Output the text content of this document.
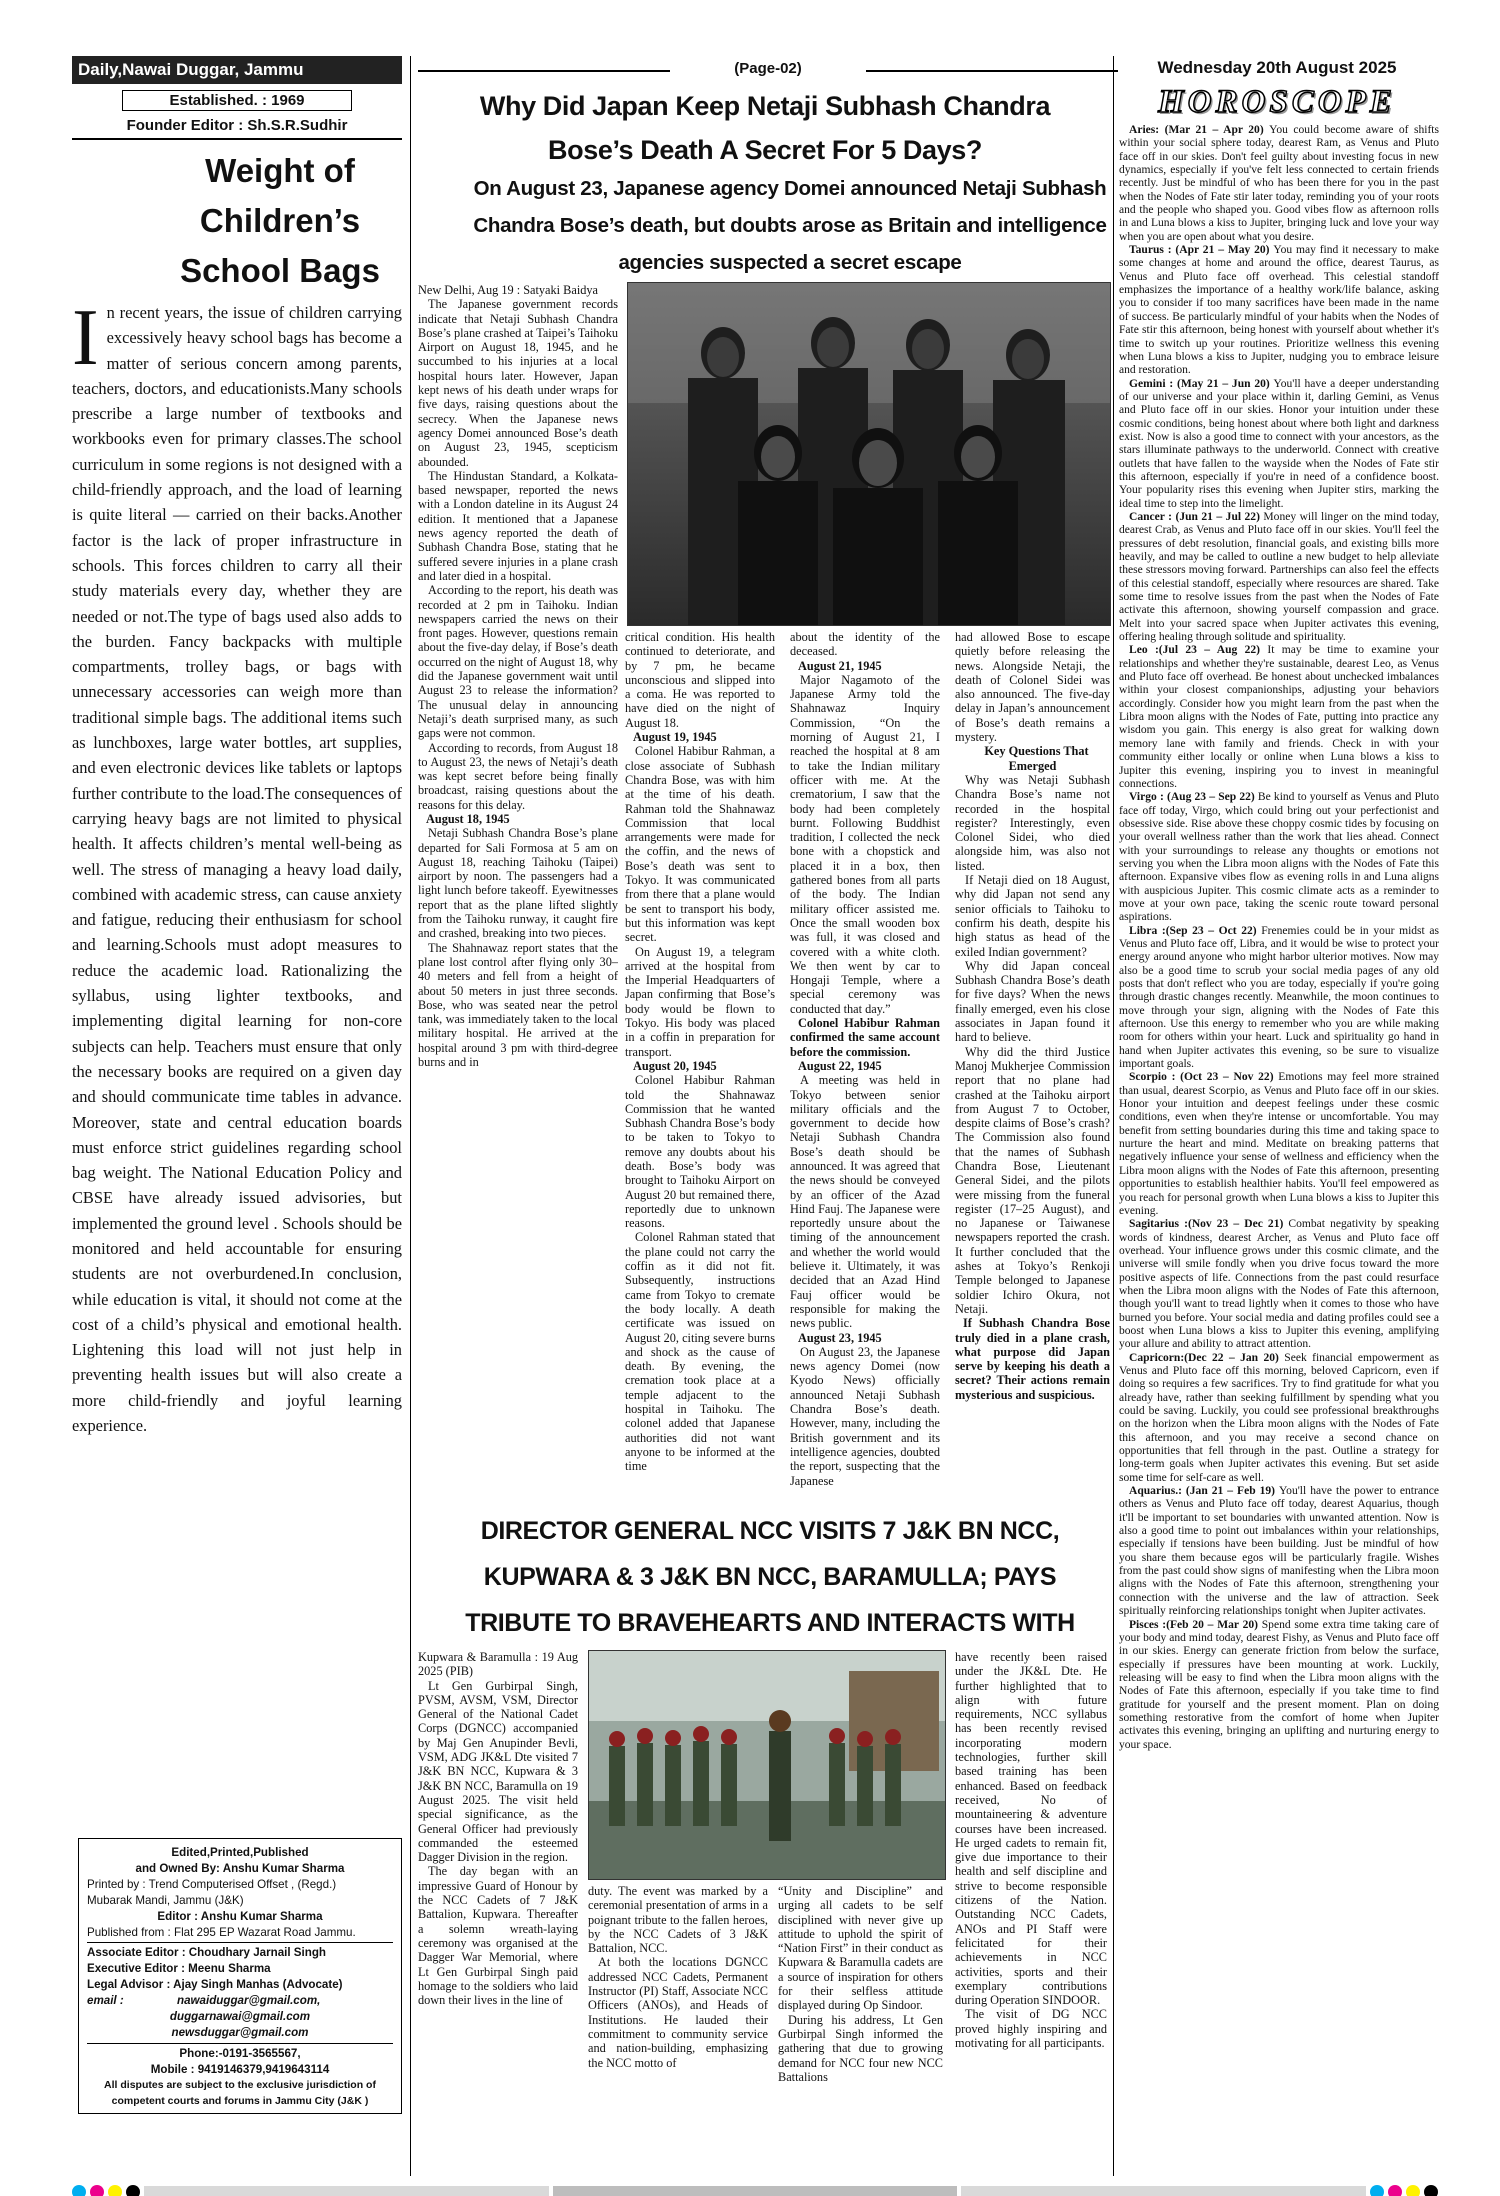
Daily,Nawai Duggar, Jammu
Established. : 1969
Founder Editor : Sh.S.R.Sudhir
Weight of Children’s School Bags
In recent years, the issue of children carrying excessively heavy school bags has become a matter of serious concern among parents, teachers, doctors, and educationists.Many schools prescribe a large number of textbooks and workbooks even for primary classes.The school curriculum in some regions is not designed with a child-friendly approach, and the load of learning is quite literal — carried on their backs.Another factor is the lack of proper infrastructure in schools. This forces children to carry all their study materials every day, whether they are needed or not.The type of bags used also adds to the burden. Fancy backpacks with multiple compartments, trolley bags, or bags with unnecessary accessories can weigh more than traditional simple bags. The additional items such as lunchboxes, large water bottles, art supplies, and even electronic devices like tablets or laptops further contribute to the load.The consequences of carrying heavy bags are not limited to physical health. It affects children’s mental well-being as well. The stress of managing a heavy load daily, combined with academic stress, can cause anxiety and fatigue, reducing their enthusiasm for school and learning.Schools must adopt measures to reduce the academic load. Rationalizing the syllabus, using lighter textbooks, and implementing digital learning for non-core subjects can help. Teachers must ensure that only the necessary books are required on a given day and should communicate time tables in advance. Moreover, state and central education boards must enforce strict guidelines regarding school bag weight. The National Education Policy and CBSE have already issued advisories, but implemented the ground level . Schools should be monitored and held accountable for ensuring students are not overburdened.In conclusion, while education is vital, it should not come at the cost of a child’s physical and emotional health. Lightening this load will not just help in preventing health issues but will also create a more child-friendly and joyful learning experience.
Edited,Printed,Published
and Owned By: Anshu Kumar Sharma
Printed by : Trend Computerised Offset , (Regd.)
Mubarak Mandi, Jammu (J&K)
Editor : Anshu Kumar Sharma
Published from : Flat 295 EP Wazarat Road Jammu.
Associate Editor : Choudhary Jarnail Singh
Executive Editor : Meenu Sharma
Legal Advisor : Ajay Singh Manhas (Advocate)
email :	nawaiduggar@gmail.com,
duggarnawai@gmail.com
newsduggar@gmail.com
Phone:-0191-3565567,
Mobile : 9419146379,9419643114
All disputes are subject to the exclusive jurisdiction of
competent courts and forums in Jammu City (J&K )
(Page-02)
Why Did Japan Keep Netaji Subhash Chandra Bose’s Death A Secret For 5 Days?
On August 23, Japanese agency Domei announced Netaji Subhash Chandra Bose’s death, but doubts arose as Britain and intelligence agencies suspected a secret escape

New Delhi, Aug 19 : Satyaki Baidya

The Japanese government records indicate that Netaji Subhash Chandra Bose’s plane crashed at Taipei’s Taihoku Airport on August 18, 1945, and he succumbed to his injuries at a local hospital hours later. However, Japan kept news of his death under wraps for five days, raising questions about the secrecy. When the Japanese news agency Domei announced Bose’s death on August 23, 1945, scepticism abounded.

The Hindustan Standard, a Kolkata-based newspaper, reported the news with a London dateline in its August 24 edition. It mentioned that a Japanese news agency reported the death of Subhash Chandra Bose, stating that he suffered severe injuries in a plane crash and later died in a hospital.

According to the report, his death was recorded at 2 pm in Taihoku. Indian newspapers carried the news on their front pages. However, questions remain about the five-day delay, if Bose’s death occurred on the night of August 18, why did the Japanese government wait until August 23 to release the information? The unusual delay in announcing Netaji’s death surprised many, as such gaps were not common.

According to records, from August 18 to August 23, the news of Netaji’s death was kept secret before being finally broadcast, raising questions about the reasons for this delay.

August 18, 1945

Netaji Subhash Chandra Bose’s plane departed for Sali Formosa at 5 am on August 18, reaching Taihoku (Taipei) airport by noon. The passengers had a light lunch before takeoff. Eyewitnesses report that as the plane lifted slightly from the Taihoku runway, it caught fire and crashed, breaking into two pieces.

The Shahnawaz report states that the plane lost control after flying only 30–40 meters and fell from a height of about 50 meters in just three seconds. Bose, who was seated near the petrol tank, was immediately taken to the local military hospital. He arrived at the hospital around 3 pm with third-degree burns and in

critical condition. His health continued to deteriorate, and by 7 pm, he became unconscious and slipped into a coma. He was reported to have died on the night of August 18.

August 19, 1945

Colonel Habibur Rahman, a close associate of Subhash Chandra Bose, was with him at the time of his death. Rahman told the Shahnawaz Commission that local arrangements were made for the coffin, and the news of Bose’s death was sent to Tokyo. It was communicated from there that a plane would be sent to transport his body, but this information was kept secret.

On August 19, a telegram arrived at the hospital from the Imperial Headquarters of Japan confirming that Bose’s body would be flown to Tokyo. His body was placed in a coffin in preparation for transport.

August 20, 1945

Colonel Habibur Rahman told the Shahnawaz Commission that he wanted Subhash Chandra Bose’s body to be taken to Tokyo to remove any doubts about his death. Bose’s body was brought to Taihoku Airport on August 20 but remained there, reportedly due to unknown reasons.

Colonel Rahman stated that the plane could not carry the coffin as it did not fit. Subsequently, instructions came from Tokyo to cremate the body locally. A death certificate was issued on August 20, citing severe burns and shock as the cause of death. By evening, the cremation took place at a temple adjacent to the hospital in Taihoku. The colonel added that Japanese authorities did not want anyone to be informed at the time

about the identity of the deceased.

August 21, 1945

Major Nagamoto of the Japanese Army told the Shahnawaz Inquiry Commission, “On the morning of August 21, I reached the hospital at 8 am to take the Indian military officer with me. At the crematorium, I saw that the body had been completely burnt. Following Buddhist tradition, I collected the neck bone with a chopstick and placed it in a box, then gathered bones from all parts of the body. The Indian military officer assisted me. Once the small wooden box was full, it was closed and covered with a white cloth. We then went by car to Hongaji Temple, where a special ceremony was conducted that day.”

Colonel Habibur Rahman confirmed the same account before the commission.

August 22, 1945

A meeting was held in Tokyo between senior military officials and the government to decide how Netaji Subhash Chandra Bose’s death should be announced. It was agreed that the news should be conveyed by an officer of the Azad Hind Fauj. The Japanese were reportedly unsure about the timing of the announcement and whether the world would believe it. Ultimately, it was decided that an Azad Hind Fauj officer would be responsible for making the news public.

August 23, 1945

On August 23, the Japanese news agency Domei (now Kyodo News) officially announced Netaji Subhash Chandra Bose’s death. However, many, including the British government and its intelligence agencies, doubted the report, suspecting that the Japanese

had allowed Bose to escape quietly before releasing the news. Alongside Netaji, the death of Colonel Sidei was also announced. The five-day delay in Japan’s announcement of Bose’s death remains a mystery.

Key Questions That Emerged

Why was Netaji Subhash Chandra Bose’s name not recorded in the hospital register? Interestingly, even Colonel Sidei, who died alongside him, was also not listed.

If Netaji died on 18 August, why did Japan not send any senior officials to Taihoku to confirm his death, despite his high status as head of the exiled Indian government?

Why did Japan conceal Subhash Chandra Bose’s death for five days? When the news finally emerged, even his close associates in Japan found it hard to believe.

Why did the third Justice Manoj Mukherjee Commission report that no plane had crashed at the Taihoku airport from August 7 to October, despite claims of Bose’s crash? The Commission also found that the names of Subhash Chandra Bose, Lieutenant General Sidei, and the pilots were missing from the funeral register (17–25 August), and no Japanese or Taiwanese newspapers reported the crash. It further concluded that the ashes at Tokyo’s Renkoji Temple belonged to Japanese soldier Ichiro Okura, not Netaji.

If Subhash Chandra Bose truly died in a plane crash, what purpose did Japan serve by keeping his death a secret? Their actions remain mysterious and suspicious.

DIRECTOR GENERAL NCC VISITS 7 J&K BN NCC, KUPWARA & 3 J&K BN NCC, BARAMULLA; PAYS TRIBUTE TO BRAVEHEARTS AND INTERACTS WITH

Kupwara & Baramulla : 19 Aug 2025 (PIB)

Lt Gen Gurbirpal Singh, PVSM, AVSM, VSM, Director General of the National Cadet Corps (DGNCC) accompanied by Maj Gen Anupinder Bevli, VSM, ADG JK&L Dte visited 7 J&K BN NCC, Kupwara & 3 J&K BN NCC, Baramulla on 19 August 2025. The visit held special significance, as the General Officer had previously commanded the esteemed Dagger Division in the region.

The day began with an impressive Guard of Honour by the NCC Cadets of 7 J&K Battalion, Kupwara. Thereafter a solemn wreath-laying ceremony was organised at the Dagger War Memorial, where Lt Gen Gurbirpal Singh paid homage to the soldiers who laid down their lives in the line of

duty. The event was marked by a ceremonial presentation of arms in a poignant tribute to the fallen heroes, by the NCC Cadets of 3 J&K Battalion, NCC.

At both the locations DGNCC addressed NCC Cadets, Permanent Instructor (PI) Staff, Associate NCC Officers (ANOs), and Heads of Institutions. He lauded their commitment to community service and nation-building, emphasizing the NCC motto of

“Unity and Discipline” and urging all cadets to be self disciplined with never give up attitude to uphold the spirit of “Nation First” in their conduct as Kupwara & Baramulla cadets are a source of inspiration for others for their selfless attitude displayed during Op Sindoor.

During his address, Lt Gen Gurbirpal Singh informed the gathering that due to growing demand for NCC four new NCC Battalions

have recently been raised under the JK&L Dte. He further highlighted that to align with future requirements, NCC syllabus has been recently revised incorporating modern technologies, further skill based training has been enhanced. Based on feedback received, No of mountaineering & adventure courses have been increased. He urged cadets to remain fit, give due importance to their health and self discipline and strive to become responsible citizens of the Nation. Outstanding NCC Cadets, ANOs and PI Staff were felicitated for their achievements in NCC activities, sports and their exemplary contributions during Operation SINDOOR.

The visit of DG NCC proved highly inspiring and motivating for all participants.

Wednesday 20th August 2025
HOROSCOPE

Aries: (Mar 21 – Apr 20) You could become aware of shifts within your social sphere today, dearest Ram, as Venus and Pluto face off in our skies. Don't feel guilty about investing focus in new dynamics, especially if you've felt less connected to certain friends recently. Just be mindful of who has been there for you in the past when the Nodes of Fate stir later today, reminding you of your roots and the people who shaped you. Good vibes flow as afternoon rolls in and Luna blows a kiss to Jupiter, bringing luck and love your way when you are open about what you desire.

Taurus : (Apr 21 – May 20) You may find it necessary to make some changes at home and around the office, dearest Taurus, as Venus and Pluto face off overhead. This celestial standoff emphasizes the importance of a healthy work/life balance, asking you to consider if too many sacrifices have been made in the name of success. Be particularly mindful of your habits when the Nodes of Fate stir this afternoon, being honest with yourself about whether it's time to switch up your routines. Prioritize wellness this evening when Luna blows a kiss to Jupiter, nudging you to embrace leisure and restoration.

Gemini : (May 21 – Jun 20) You'll have a deeper understanding of our universe and your place within it, darling Gemini, as Venus and Pluto face off in our skies. Honor your intuition under these cosmic conditions, being honest about where both light and darkness exist. Now is also a good time to connect with your ancestors, as the stars illuminate pathways to the underworld. Connect with creative outlets that have fallen to the wayside when the Nodes of Fate stir this afternoon, especially if you're in need of a confidence boost. Your popularity rises this evening when Jupiter stirs, marking the ideal time to step into the limelight.

Cancer : (Jun 21 – Jul 22) Money will linger on the mind today, dearest Crab, as Venus and Pluto face off in our skies. You'll feel the pressures of debt resolution, financial goals, and existing bills more heavily, and may be called to outline a new budget to help alleviate these stressors moving forward. Partnerships can also feel the effects of this celestial standoff, especially where resources are shared. Take some time to resolve issues from the past when the Nodes of Fate activate this afternoon, showing yourself compassion and grace. Melt into your sacred space when Jupiter activates this evening, offering healing through solitude and spirituality.

Leo :(Jul 23 – Aug 22) It may be time to examine your relationships and whether they're sustainable, dearest Leo, as Venus and Pluto face off overhead. Be honest about unchecked imbalances within your closest companionships, adjusting your behaviors accordingly. Consider how you might learn from the past when the Libra moon aligns with the Nodes of Fate, putting into practice any wisdom you gain. This energy is also great for walking down memory lane with family and friends. Check in with your community either locally or online when Luna blows a kiss to Jupiter this evening, inspiring you to invest in meaningful connections.

Virgo : (Aug 23 – Sep 22) Be kind to yourself as Venus and Pluto face off today, Virgo, which could bring out your perfectionist and obsessive side. Rise above these choppy cosmic tides by focusing on your overall wellness rather than the work that lies ahead. Connect with your surroundings to release any thoughts or emotions not serving you when the Libra moon aligns with the Nodes of Fate this afternoon. Expansive vibes flow as evening rolls in and Luna aligns with auspicious Jupiter. This cosmic climate acts as a reminder to move at your own pace, taking the scenic route toward personal aspirations.

Libra :(Sep 23 – Oct 22) Frenemies could be in your midst as Venus and Pluto face off, Libra, and it would be wise to protect your energy around anyone who might harbor ulterior motives. Now may also be a good time to scrub your social media pages of any old posts that don't reflect who you are today, especially if you're going through drastic changes recently. Meanwhile, the moon continues to move through your sign, aligning with the Nodes of Fate this afternoon. Use this energy to remember who you are while making room for others within your heart. Luck and spirituality go hand in hand when Jupiter activates this evening, so be sure to visualize important goals.

Scorpio : (Oct 23 – Nov 22) Emotions may feel more strained than usual, dearest Scorpio, as Venus and Pluto face off in our skies. Honor your intuition and deepest feelings under these cosmic conditions, even when they're intense or uncomfortable. You may benefit from setting boundaries during this time and taking space to nurture the heart and mind. Meditate on breaking patterns that negatively influence your sense of wellness and efficiency when the Libra moon aligns with the Nodes of Fate this afternoon, presenting opportunities to establish healthier habits. You'll feel empowered as you reach for personal growth when Luna blows a kiss to Jupiter this evening.

Sagitarius :(Nov 23 – Dec 21) Combat negativity by speaking words of kindness, dearest Archer, as Venus and Pluto face off overhead. Your influence grows under this cosmic climate, and the universe will smile fondly when you drive focus toward the more positive aspects of life. Connections from the past could resurface when the Libra moon aligns with the Nodes of Fate this afternoon, though you'll want to tread lightly when it comes to those who have burned you before. Your social media and dating profiles could see a boost when Luna blows a kiss to Jupiter this evening, amplifying your allure and ability to attract attention.

Capricorn:(Dec 22 – Jan 20) Seek financial empowerment as Venus and Pluto face off this morning, beloved Capricorn, even if doing so requires a few sacrifices. Try to find gratitude for what you already have, rather than seeking fulfillment by spending what you could be saving. Luckily, you could see professional breakthroughs on the horizon when the Libra moon aligns with the Nodes of Fate this afternoon, and you may receive a second chance on opportunities that fell through in the past. Outline a strategy for long-term goals when Jupiter activates this evening. But set aside some time for self-care as well.

Aquarius.: (Jan 21 – Feb 19) You'll have the power to entrance others as Venus and Pluto face off today, dearest Aquarius, though it'll be important to set boundaries with unwanted attention. Now is also a good time to point out imbalances within your relationships, especially if tensions have been building. Just be mindful of how you share them because egos will be particularly fragile. Wishes from the past could show signs of manifesting when the Libra moon aligns with the Nodes of Fate this afternoon, strengthening your connection with the universe and the law of attraction. Seek spiritually reinforcing relationships tonight when Jupiter activates.

Pisces :(Feb 20 – Mar 20) Spend some extra time taking care of your body and mind today, dearest Fishy, as Venus and Pluto face off in our skies. Energy can generate friction from below the surface, especially if pressures have been mounting at work. Luckily, releasing will be easy to find when the Libra moon aligns with the Nodes of Fate this afternoon, especially if you take time to find gratitude for yourself and the present moment. Plan on doing something restorative from the comfort of home when Jupiter activates this evening, bringing an uplifting and nurturing energy to your space.
